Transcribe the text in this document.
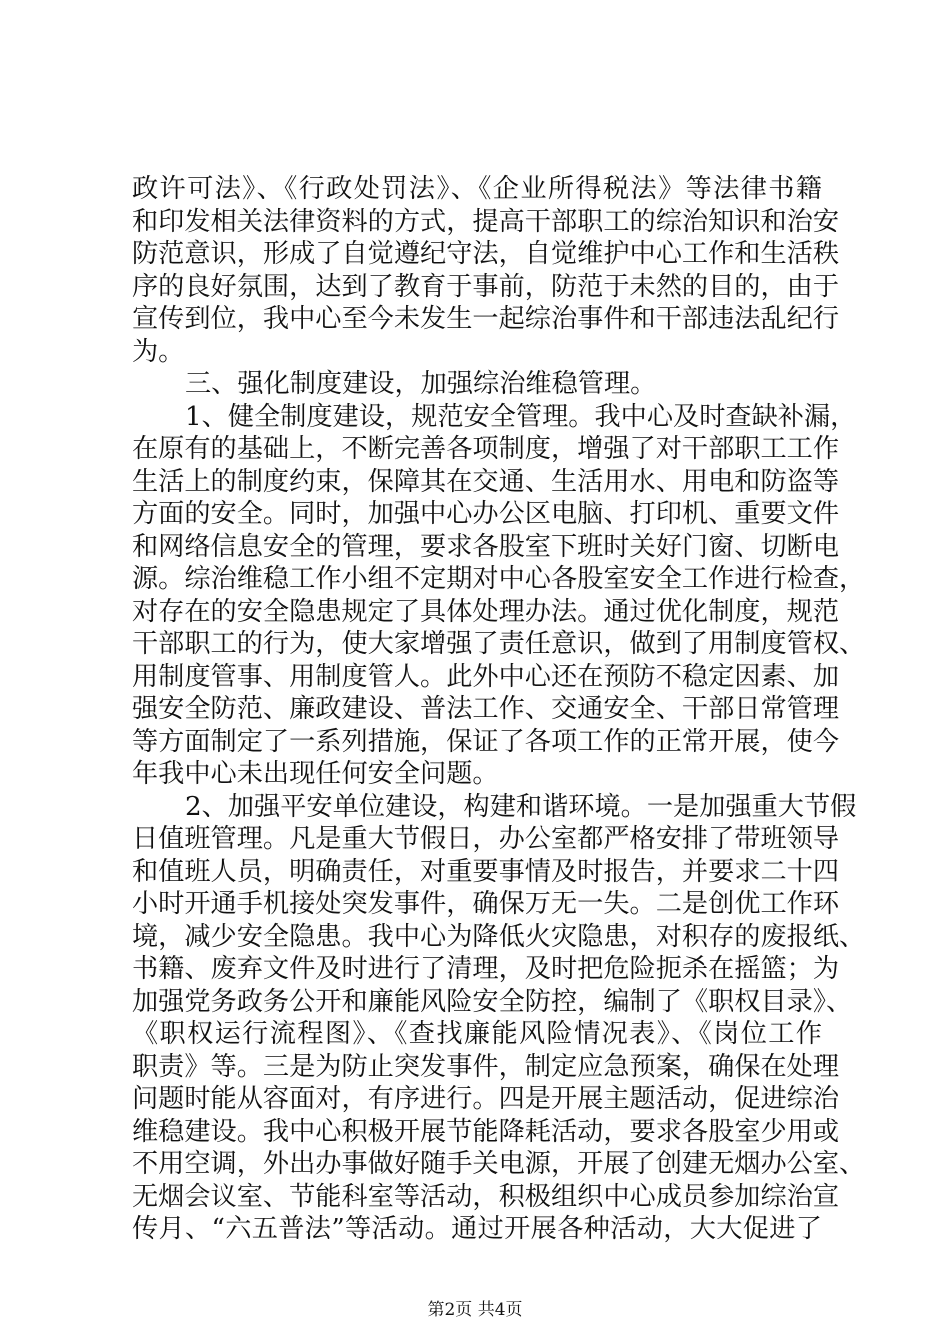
政许可法》、《行政处罚法》、《企业所得税法》等法律书籍
和印发相关法律资料的方式，提高干部职工的综治知识和治安
防范意识，形成了自觉遵纪守法，自觉维护中心工作和生活秩
序的良好氛围，达到了教育于事前，防范于未然的目的，由于
宣传到位，我中心至今未发生一起综治事件和干部违法乱纪行
为。
三、强化制度建设，加强综治维稳管理。
1、健全制度建设，规范安全管理。我中心及时查缺补漏，
在原有的基础上，不断完善各项制度，增强了对干部职工工作
生活上的制度约束，保障其在交通、生活用水、用电和防盗等
方面的安全。同时，加强中心办公区电脑、打印机、重要文件
和网络信息安全的管理，要求各股室下班时关好门窗、切断电
源。综治维稳工作小组不定期对中心各股室安全工作进行检查，
对存在的安全隐患规定了具体处理办法。通过优化制度，规范
干部职工的行为，使大家增强了责任意识，做到了用制度管权、
用制度管事、用制度管人。此外中心还在预防不稳定因素、加
强安全防范、廉政建设、普法工作、交通安全、干部日常管理
等方面制定了一系列措施，保证了各项工作的正常开展，使今
年我中心未出现任何安全问题。
2、加强平安单位建设，构建和谐环境。一是加强重大节假
日值班管理。凡是重大节假日，办公室都严格安排了带班领导
和值班人员，明确责任，对重要事情及时报告，并要求二十四
小时开通手机接处突发事件，确保万无一失。二是创优工作环
境，减少安全隐患。我中心为降低火灾隐患，对积存的废报纸、
书籍、废弃文件及时进行了清理，及时把危险扼杀在摇篮；为
加强党务政务公开和廉能风险安全防控，编制了《职权目录》、
《职权运行流程图》、《查找廉能风险情况表》、《岗位工作
职责》等。三是为防止突发事件，制定应急预案，确保在处理
问题时能从容面对，有序进行。四是开展主题活动，促进综治
维稳建设。我中心积极开展节能降耗活动，要求各股室少用或
不用空调，外出办事做好随手关电源，开展了创建无烟办公室、
无烟会议室、节能科室等活动，积极组织中心成员参加综治宣
传月、“六五普法”等活动。通过开展各种活动，大大促进了
第2页 共4页
